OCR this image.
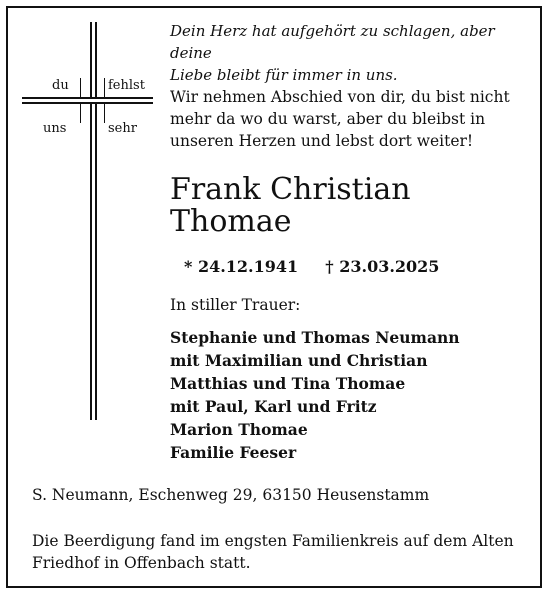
du	fehlst
uns	sehr
Dein Herz hat aufgehört zu schlagen, aber deine
Liebe bleibt für immer in uns.
Wir nehmen Abschied von dir, du bist nicht
mehr da wo du warst, aber du bleibst in
unseren Herzen und lebst dort weiter!
Frank Christian
Thomae
* 24.12.1941 † 23.03.2025
In stiller Trauer:
Stephanie und Thomas Neumann
mit Maximilian und Christian
Matthias und Tina Thomae
mit Paul, Karl und Fritz
Marion Thomae
Familie Feeser
S. Neumann, Eschenweg 29, 63150 Heusenstamm
Die Beerdigung fand im engsten Familienkreis auf dem Alten
Friedhof in Offenbach statt.
